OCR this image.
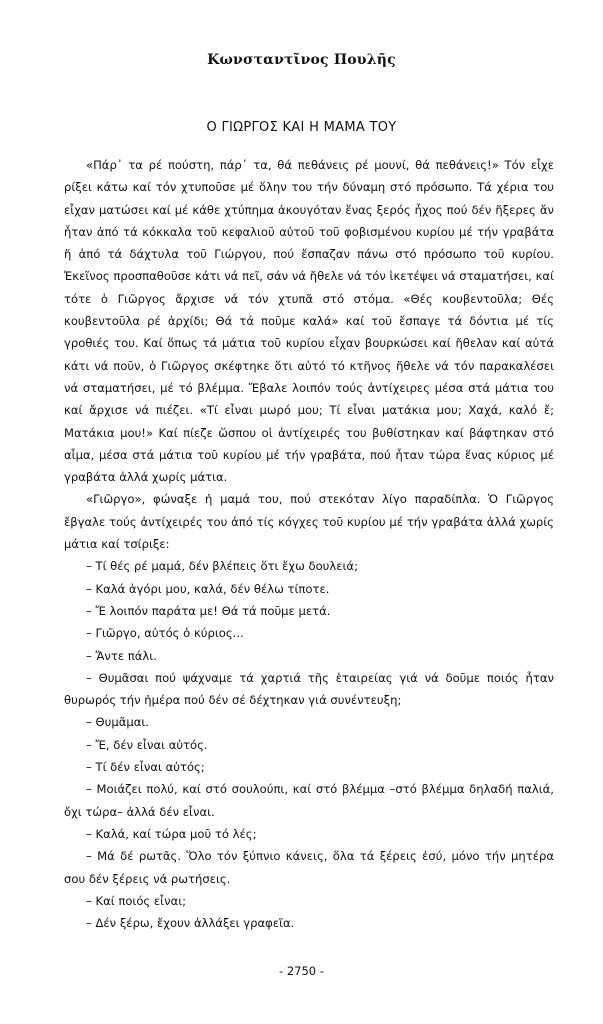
Κωνσταντῖνος Πουλῆς
Ο ΓΙΩΡΓΟΣ ΚΑΙ Η ΜΑΜΑ ΤΟΥ

«Πάρ᾽ τα ρέ πούστη, πάρ᾽ τα, θά πεθάνεις ρέ μουνί, θά πεθάνεις!» Τόν εἶχε ρίξει κάτω καί τόν χτυποῦσε μέ ὅλην του τήν δύναμη στό πρόσωπο. Τά χέρια του εἶχαν ματώσει καί μέ κάθε χτύπημα ἀκουγόταν ἕνας ξερός ἦχος πού δέν ἤξερες ἄν ἦταν ἀπό τά κόκκαλα τοῦ κεφαλιοῦ αὐτοῦ τοῦ φοβισμένου κυρίου μέ τήν γραβάτα ἤ ἀπό τά δάχτυλα τοῦ Γιώργου, πού ἔσπαζαν πάνω στό πρόσωπο τοῦ κυρίου. Ἐκεῖνος προσπαθοῦσε κάτι νά πεῖ, σάν νά ἤθελε νά τόν ἱκετέψει νά σταματήσει, καί τότε ὁ Γιῶργος ἄρχισε νά τόν χτυπᾶ στό στόμα. «Θές κουβεντοῦλα; Θές κουβεντοῦλα ρέ ἀρχίδι; Θά τά ποῦμε καλά» καί τοῦ ἔσπαγε τά δόντια μέ τίς γροθιές του. Καί ὅπως τά μάτια τοῦ κυρίου εἶχαν βουρκώσει καί ἤθελαν καί αὐτά κάτι νά ποῦν, ὁ Γιῶργος σκέφτηκε ὅτι αὐτό τό κτῆνος ἤθελε νά τόν παρακαλέσει νά σταματήσει, μέ τό βλέμμα. Ἔβαλε λοιπόν τούς ἀντίχειρες μέσα στά μάτια του καί ἄρχισε νά πιέζει. «Τί εἶναι μωρό μου; Τί εἶναι ματάκια μου; Χαχά, καλό ἔ; Ματάκια μου!» Καί πίεζε ὥσπου οἱ ἀντίχειρές του βυθίστηκαν καί βάφτηκαν στό αἷμα, μέσα στά μάτια τοῦ κυρίου μέ τήν γραβάτα, πού ἦταν τώρα ἕνας κύριος μέ γραβάτα ἀλλά χωρίς μάτια.

«Γιῶργο», φώναξε ἡ μαμά του, πού στεκόταν λίγο παραδίπλα. Ὁ Γιῶργος ἔβγαλε τούς ἀντίχειρές του ἀπό τίς κόγχες τοῦ κυρίου μέ τήν γραβάτα ἀλλά χωρίς μάτια καί τσίριξε:

– Τί θές ρέ μαμά, δέν βλέπεις ὅτι ἔχω δουλειά;
– Καλά ἀγόρι μου, καλά, δέν θέλω τίποτε.
– Ἔ λοιπόν παράτα με! Θά τά ποῦμε μετά.
– Γιῶργο, αὐτός ὁ κύριος...
– Ἄντε πάλι.
– Θυμᾶσαι πού ψάχναμε τά χαρτιά τῆς ἑταιρείας γιά νά δοῦμε ποιός ἦταν θυρωρός τήν ἡμέρα πού δέν σέ δέχτηκαν γιά συνέντευξη;
– Θυμᾶμαι.
– Ἔ, δέν εἶναι αὐτός.
– Τί δέν εἶναι αὐτός;
– Μοιάζει πολύ, καί στό σουλούπι, καί στό βλέμμα –στό βλέμμα δηλαδή παλιά, ὄχι τώρα– ἀλλά δέν εἶναι.
– Καλά, καί τώρα μοῦ τό λές;
– Μά δέ ρωτᾶς. Ὅλο τόν ξύπνιο κάνεις, ὅλα τά ξέρεις ἐσύ, μόνο τήν μητέρα σου δέν ξέρεις νά ρωτήσεις.
– Καί ποιός εἶναι;
– Δέν ξέρω, ἔχουν ἀλλάξει γραφεῖα.
- 2750 -
